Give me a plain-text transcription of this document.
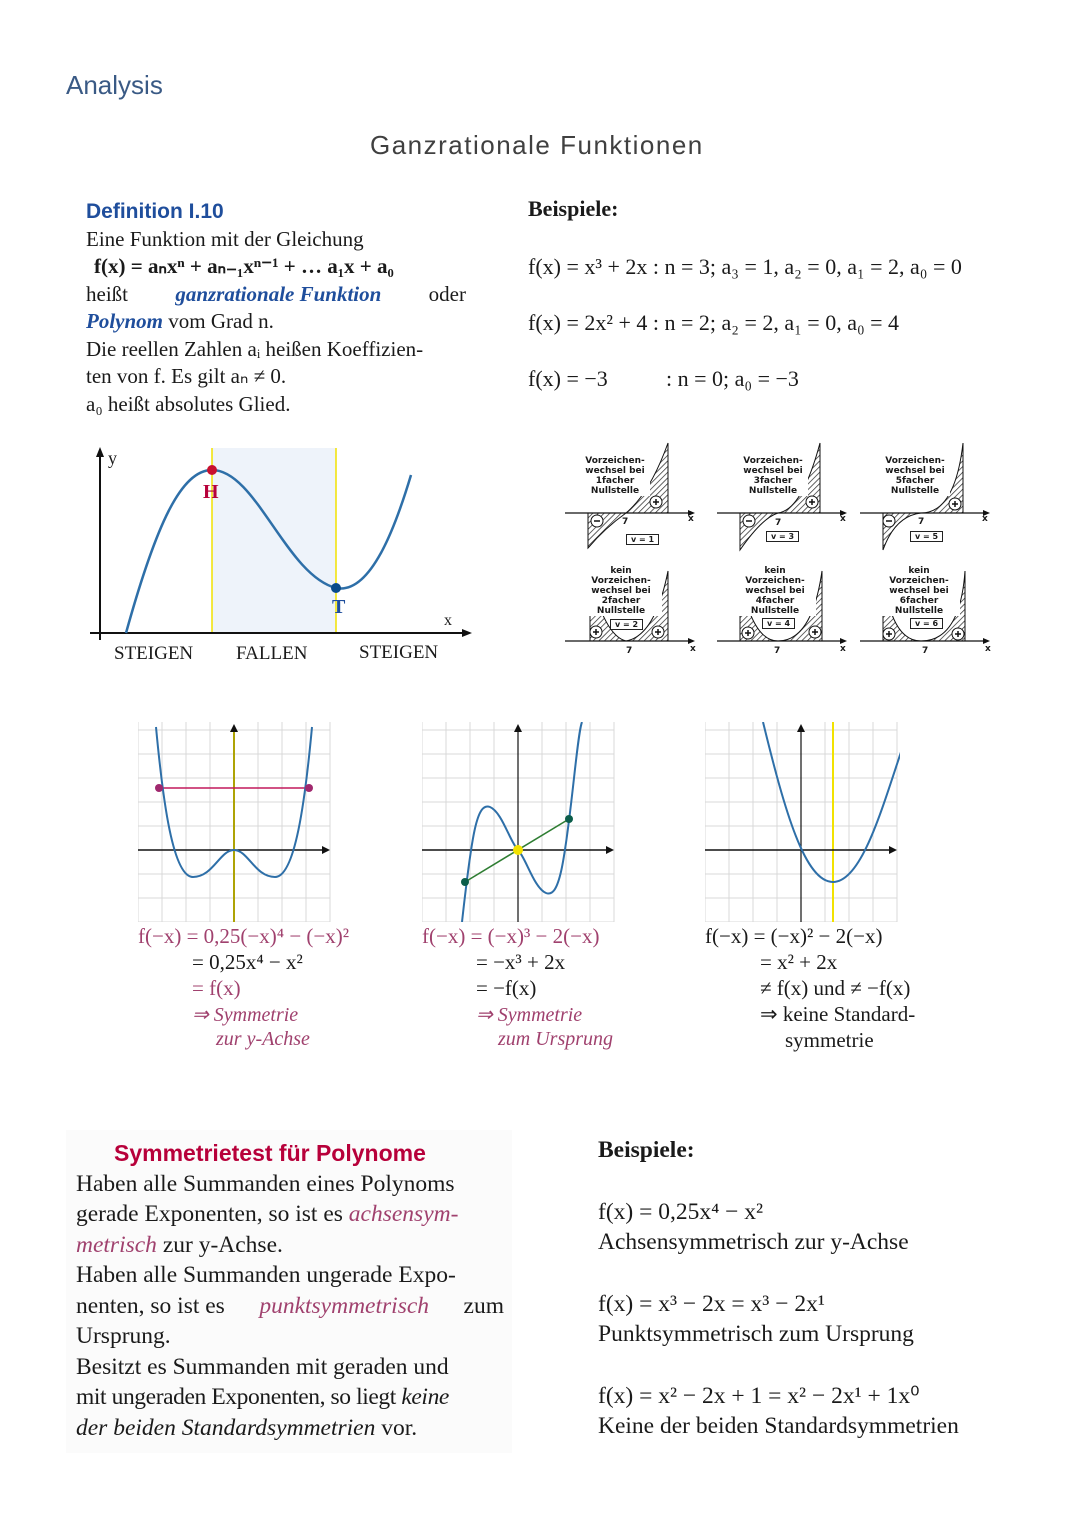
Analysis
Ganzrationale Funktionen
Definition I.10
Eine Funktion mit der Gleichung
f(x) = aₙxⁿ + aₙ₋₁xⁿ⁻¹ + … a₁x + a₀
heißt ganzrationale Funktion oder
Polynom vom Grad n.
Die reellen Zahlen aᵢ heißen Koeffizien-
ten von f. Es gilt aₙ ≠ 0.
a₀ heißt absolutes Glied.
Beispiele:
f(x) = x³ + 2x : n = 3; a₃ = 1, a₂ = 0, a₁ = 2, a₀ = 0
f(x) = 2x² + 4 : n = 2; a₂ = 2, a₁ = 0, a₀ = 4
f(x) = −3	: n = 0; a₀ = −3
y
H
T
x
STEIGEN FALLEN	STEIGEN
Vorzeichen-
wechsel bei
1facher
Nullstelle
v = 1
7	x
Vorzeichen-
wechsel bei
3facher
Nullstelle
v = 3
7	x
Vorzeichen-
wechsel bei
5facher
Nullstelle
v = 5
7	x
kein Vorzeichen-
wechsel bei
2facher
Nullstelle
v = 2
7	x
kein Vorzeichen-
wechsel bei
4facher
Nullstelle
v = 4
7	x
kein Vorzeichen-
wechsel bei
6facher
Nullstelle
v = 6
7	x
f(−x) = 0,25(−x)⁴ − (−x)²
= 0,25x⁴ − x²
= f(x)
⇒ Symmetrie
zur y-Achse
f(−x) = (−x)³ − 2(−x)
= −x³ + 2x
= −f(x)
⇒ Symmetrie
zum Ursprung
f(−x) = (−x)² − 2(−x)
= x² + 2x
≠ f(x) und ≠ −f(x)
⇒ keine Standard-
symmetrie
Symmetrietest für Polynome
Haben alle Summanden eines Polynoms
gerade Exponenten, so ist es achsensym-
metrisch zur y-Achse.
Haben alle Summanden ungerade Expo-
nenten, so ist es punktsymmetrisch zum
Ursprung.
Besitzt es Summanden mit geraden und
mit ungeraden Exponenten, so liegt keine
der beiden Standardsymmetrien vor.
Beispiele:
f(x) = 0,25x⁴ − x²
Achsensymmetrisch zur y-Achse
f(x) = x³ − 2x = x³ − 2x¹
Punktsymmetrisch zum Ursprung
f(x) = x² − 2x + 1 = x² − 2x¹ + 1x⁰
Keine der beiden Standardsymmetrien
